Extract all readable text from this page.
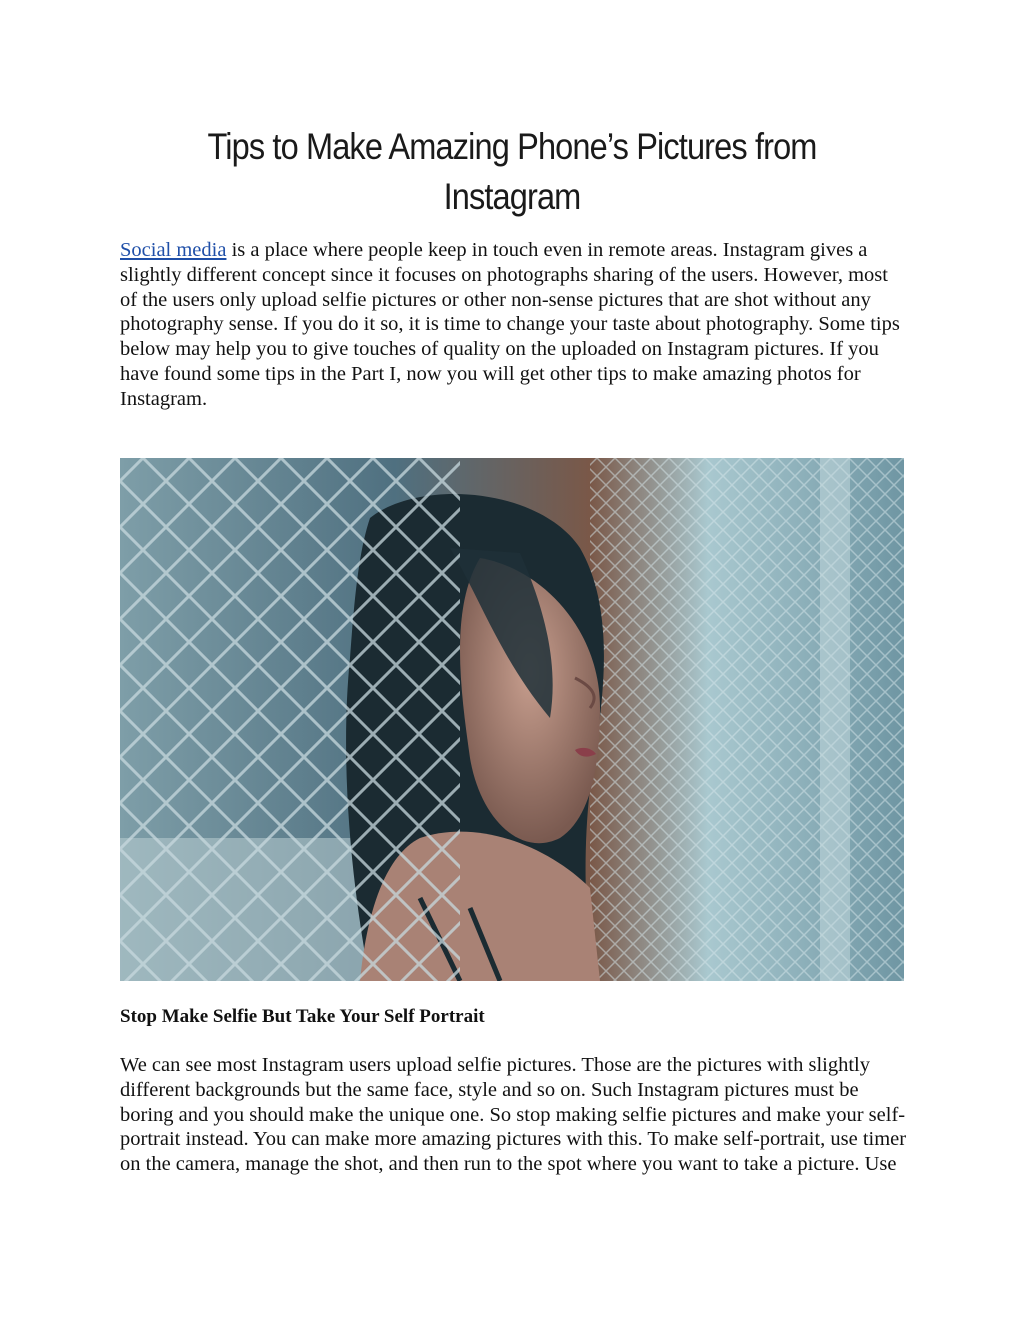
Tips to Make Amazing Phone’s Pictures from Instagram

Social media is a place where people keep in touch even in remote areas. Instagram gives a slightly different concept since it focuses on photographs sharing of the users. However, most of the users only upload selfie pictures or other non-sense pictures that are shot without any photography sense. If you do it so, it is time to change your taste about photography. Some tips below may help you to give touches of quality on the uploaded on Instagram pictures. If you have found some tips in the Part I, now you will get other tips to make amazing photos for Instagram.

Stop Make Selfie But Take Your Self Portrait

We can see most Instagram users upload selfie pictures. Those are the pictures with slightly different backgrounds but the same face, style and so on. Such Instagram pictures must be boring and you should make the unique one. So stop making selfie pictures and make your self-portrait instead. You can make more amazing pictures with this. To make self-portrait, use timer on the camera, manage the shot, and then run to the spot where you want to take a picture. Use
